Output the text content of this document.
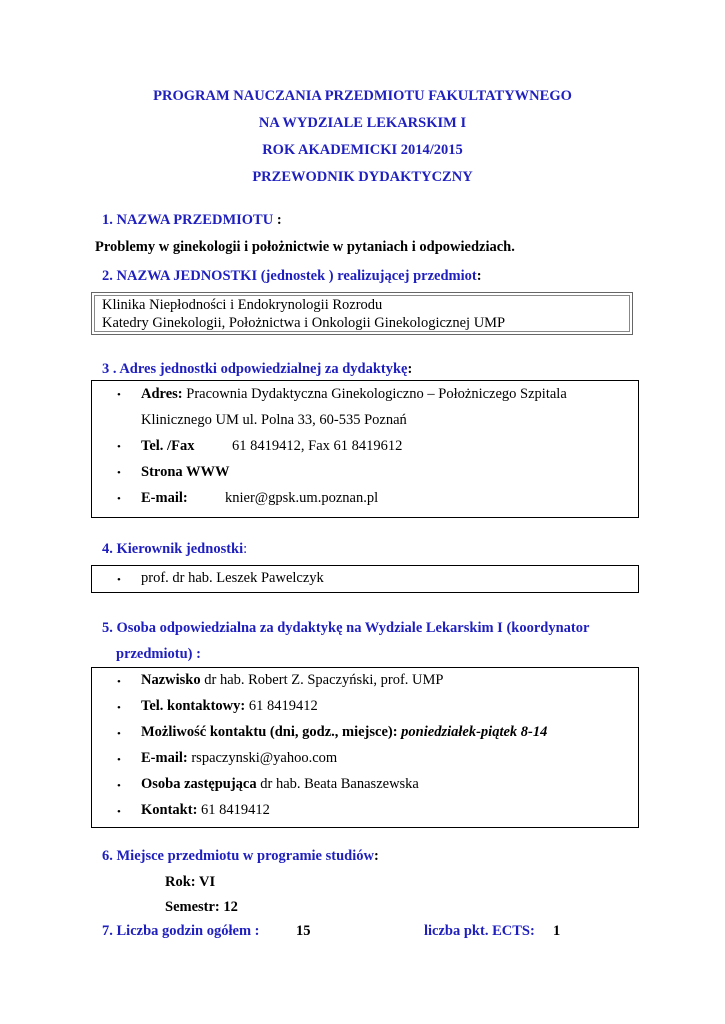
PROGRAM NAUCZANIA PRZEDMIOTU FAKULTATYWNEGO
NA WYDZIALE LEKARSKIM I
ROK AKADEMICKI 2014/2015
PRZEWODNIK DYDAKTYCZNY
1. NAZWA PRZEDMIOTU :
Problemy w ginekologii i położnictwie w pytaniach i odpowiedziach.
2. NAZWA JEDNOSTKI (jednostek ) realizującej przedmiot:
Klinika Niepłodności i Endokrynologii Rozrodu
Katedry Ginekologii, Położnictwa i Onkologii Ginekologicznej UMP
3 . Adres jednostki odpowiedzialnej za dydaktykę:
• Adres: Pracownia Dydaktyczna Ginekologiczno – Położniczego Szpitala
Klinicznego UM ul. Polna 33, 60-535 Poznań
• Tel. /Fax	61 8419412, Fax 61 8419612
• Strona WWW
• E-mail:	knier@gpsk.um.poznan.pl
4. Kierownik jednostki:
• prof. dr hab. Leszek Pawelczyk
5. Osoba odpowiedzialna za dydaktykę na Wydziale Lekarskim I (koordynator
przedmiotu) :
• Nazwisko dr hab. Robert Z. Spaczyński, prof. UMP
• Tel. kontaktowy: 61 8419412
• Możliwość kontaktu (dni, godz., miejsce): poniedziałek-piątek 8-14
• E-mail: rspaczynski@yahoo.com
• Osoba zastępująca dr hab. Beata Banaszewska
• Kontakt: 61 8419412
6. Miejsce przedmiotu w programie studiów:
Rok: VI
Semestr: 12
7. Liczba godzin ogółem :	15	liczba pkt. ECTS: 1
